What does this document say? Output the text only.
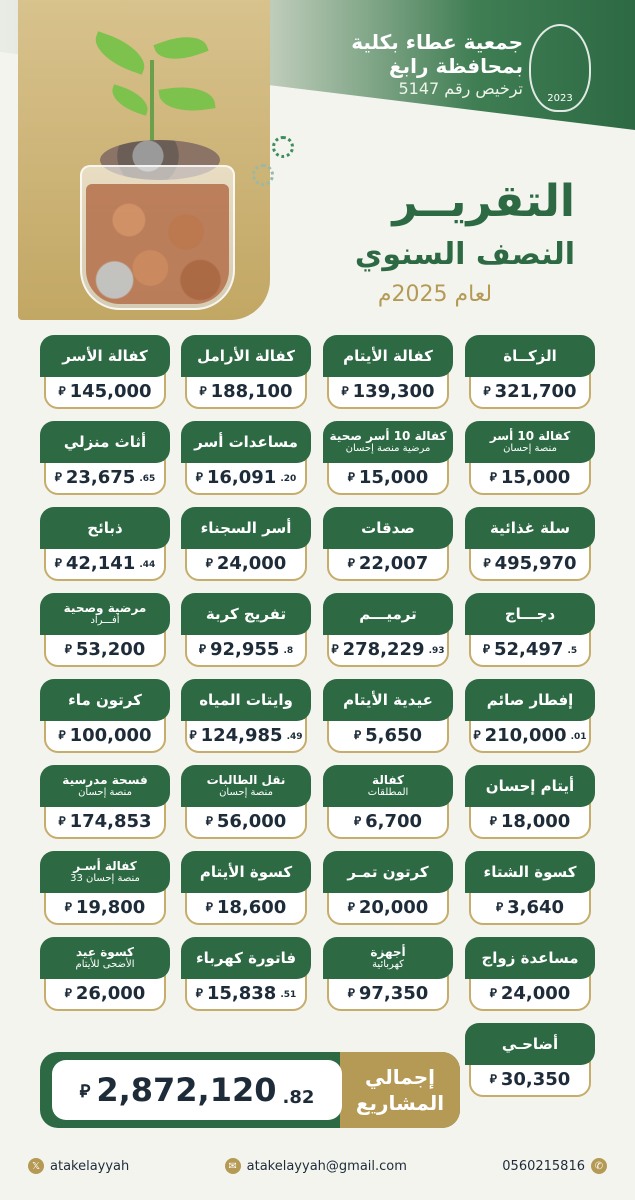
جمعية عطاء بكلية
بمحافظة رابغ
ترخيص رقم 5147
2023
التقريــر
النصف السنوي
لعام 2025م
⃁ 321,700
الزكــاة
⃁ 139,300
كفالة الأيتام
⃁ 188,100
كفالة الأرامل
⃁ 145,000
كفالة الأسر
⃁ 15,000
كفالة 10 أسر
منصة إحسان
⃁ 15,000
كفالة 10 أسر صحية
مرضية منصة إحسان
⃁ 16,091 .20
مساعدات أسر
⃁ 23,675 .65
أثاث منزلي
⃁ 495,970
سلة غذائية
⃁ 22,007
صدقات
⃁ 24,000
أسر السجناء
⃁ 42,141 .44
ذبائح
⃁ 52,497 .5
دجـــاج
⃁ 278,229 .93
ترميـــم
⃁ 92,955 .8
تفريج كربة
⃁ 53,200
مرضية وصحية
أفـــراد
⃁ 210,000 .01
إفطار صائم
⃁ 5,650
عيدية الأيتام
⃁ 124,985 .49
وايتات المياه
⃁ 100,000
كرتون ماء
⃁ 18,000
أيتام إحسان
⃁ 6,700
كفالة
المطلقات
⃁ 56,000
نقل الطالبات
منصة إحسان
⃁ 174,853
فسحة مدرسية
منصة إحسان
⃁ 3,640
كسوة الشتاء
⃁ 20,000
كرتون تمـر
⃁ 18,600
كسوة الأيتام
⃁ 19,800
كفالة أسـر
منصة إحسان 33
⃁ 24,000
مساعدة زواج
⃁ 97,350
أجهزة
كهربائية
⃁ 15,838 .51
فاتورة كهرباء
⃁ 26,000
كسوة عيد
الأضحى للأيتام
⃁ 30,350
أضاحـي
إجمالي المشاريع
⃁ 2,872,120 .82
𝕏 atakelayyah	✉ atakelayyah@gmail.com	0560215816 ✆
